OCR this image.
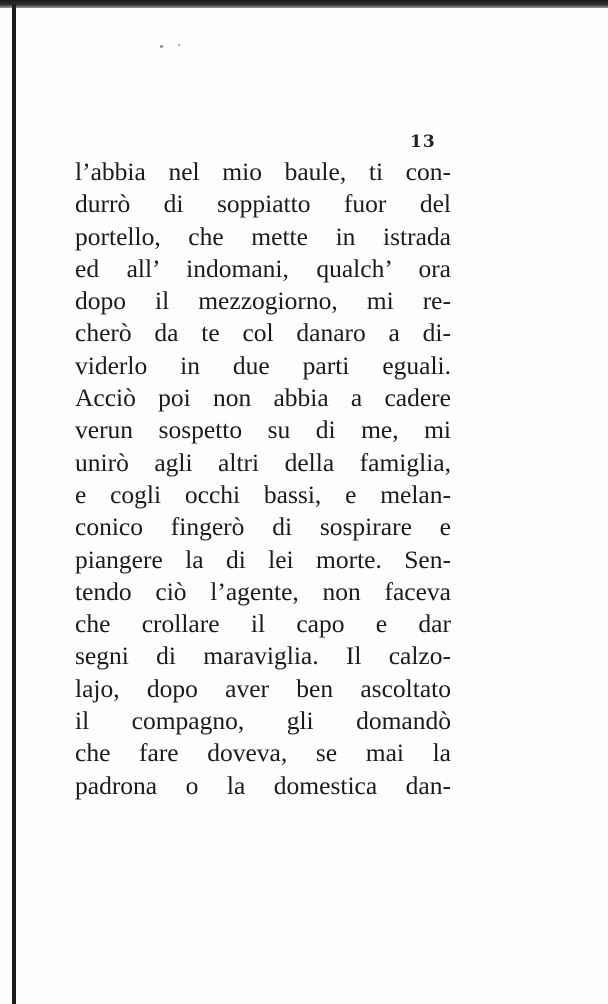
13
l’abbia nel mio baule, ti con-
durrò di soppiatto fuor del
portello, che mette in istrada
ed all’ indomani, qualch’ ora
dopo il mezzogiorno, mi re-
cherò da te col danaro a di-
viderlo in due parti eguali.
Acciò poi non abbia a cadere
verun sospetto su di me, mi
unirò agli altri della famiglia,
e cogli occhi bassi, e melan-
conico fingerò di sospirare e
piangere la di lei morte. Sen-
tendo ciò l’agente, non faceva
che crollare il capo e dar
segni di maraviglia. Il calzo-
lajo, dopo aver ben ascoltato
il compagno, gli domandò
che fare doveva, se mai la
padrona o la domestica dan-
